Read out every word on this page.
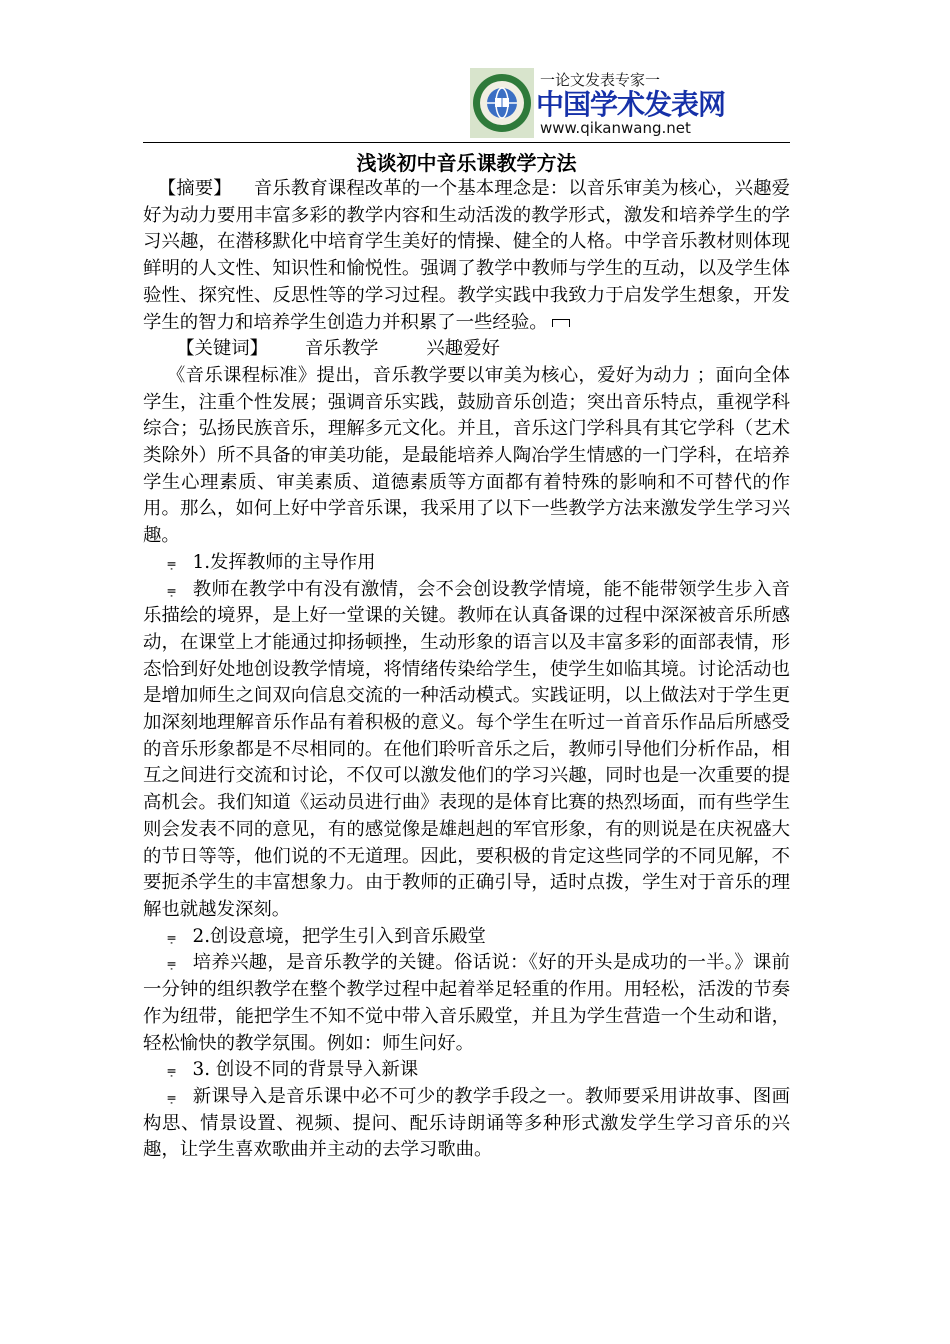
一论文发表专家一
中国学术发表网
www.qikanwang.net
浅谈初中音乐课教学方法

【摘要】 音乐教育课程改革的一个基本理念是：以音乐审美为核心，兴趣爱好为动力要用丰富多彩的教学内容和生动活泼的教学形式，激发和培养学生的学习兴趣，在潜移默化中培育学生美好的情操、健全的人格。中学音乐教材则体现鲜明的人文性、知识性和愉悦性。强调了教学中教师与学生的互动，以及学生体验性、探究性、反思性等的学习过程。教学实践中我致力于启发学生想象，开发学生的智力和培养学生创造力并积累了一些经验。

【关键词】 音乐教学	兴趣爱好

《音乐课程标准》提出，音乐教学要以审美为核心，爱好为动力 ；面向全体学生，注重个性发展；强调音乐实践，鼓励音乐创造；突出音乐特点，重视学科综合；弘扬民族音乐，理解多元文化。并且，音乐这门学科具有其它学科（艺术类除外）所不具备的审美功能，是最能培养人陶冶学生情感的一门学科，在培养学生心理素质、审美素质、道德素质等方面都有着特殊的影响和不可替代的作用。那么，如何上好中学音乐课，我采用了以下一些教学方法来激发学生学习兴趣。

⩦ 1.发挥教师的主导作用

⩦ 教师在教学中有没有激情，会不会创设教学情境，能不能带领学生步入音乐描绘的境界，是上好一堂课的关键。教师在认真备课的过程中深深被音乐所感动，在课堂上才能通过抑扬顿挫，生动形象的语言以及丰富多彩的面部表情，形态恰到好处地创设教学情境，将情绪传染给学生，使学生如临其境。讨论活动也是增加师生之间双向信息交流的一种活动模式。实践证明，以上做法对于学生更加深刻地理解音乐作品有着积极的意义。每个学生在听过一首音乐作品后所感受的音乐形象都是不尽相同的。在他们聆听音乐之后，教师引导他们分析作品，相互之间进行交流和讨论，不仅可以激发他们的学习兴趣，同时也是一次重要的提高机会。我们知道《运动员进行曲》表现的是体育比赛的热烈场面，而有些学生则会发表不同的意见，有的感觉像是雄赳赳的军官形象，有的则说是在庆祝盛大的节日等等，他们说的不无道理。因此，要积极的肯定这些同学的不同见解，不要扼杀学生的丰富想象力。由于教师的正确引导，适时点拨，学生对于音乐的理解也就越发深刻。

⩦ 2.创设意境，把学生引入到音乐殿堂

⩦ 培养兴趣，是音乐教学的关键。俗话说：《好的开头是成功的一半。》课前一分钟的组织教学在整个教学过程中起着举足轻重的作用。用轻松，活泼的节奏作为纽带，能把学生不知不觉中带入音乐殿堂，并且为学生营造一个生动和谐，轻松愉快的教学氛围。例如：师生问好。

⩦ 3. 创设不同的背景导入新课

⩦ 新课导入是音乐课中必不可少的教学手段之一。教师要采用讲故事、图画构思、情景设置、视频、提问、配乐诗朗诵等多种形式激发学生学习音乐的兴趣，让学生喜欢歌曲并主动的去学习歌曲。
